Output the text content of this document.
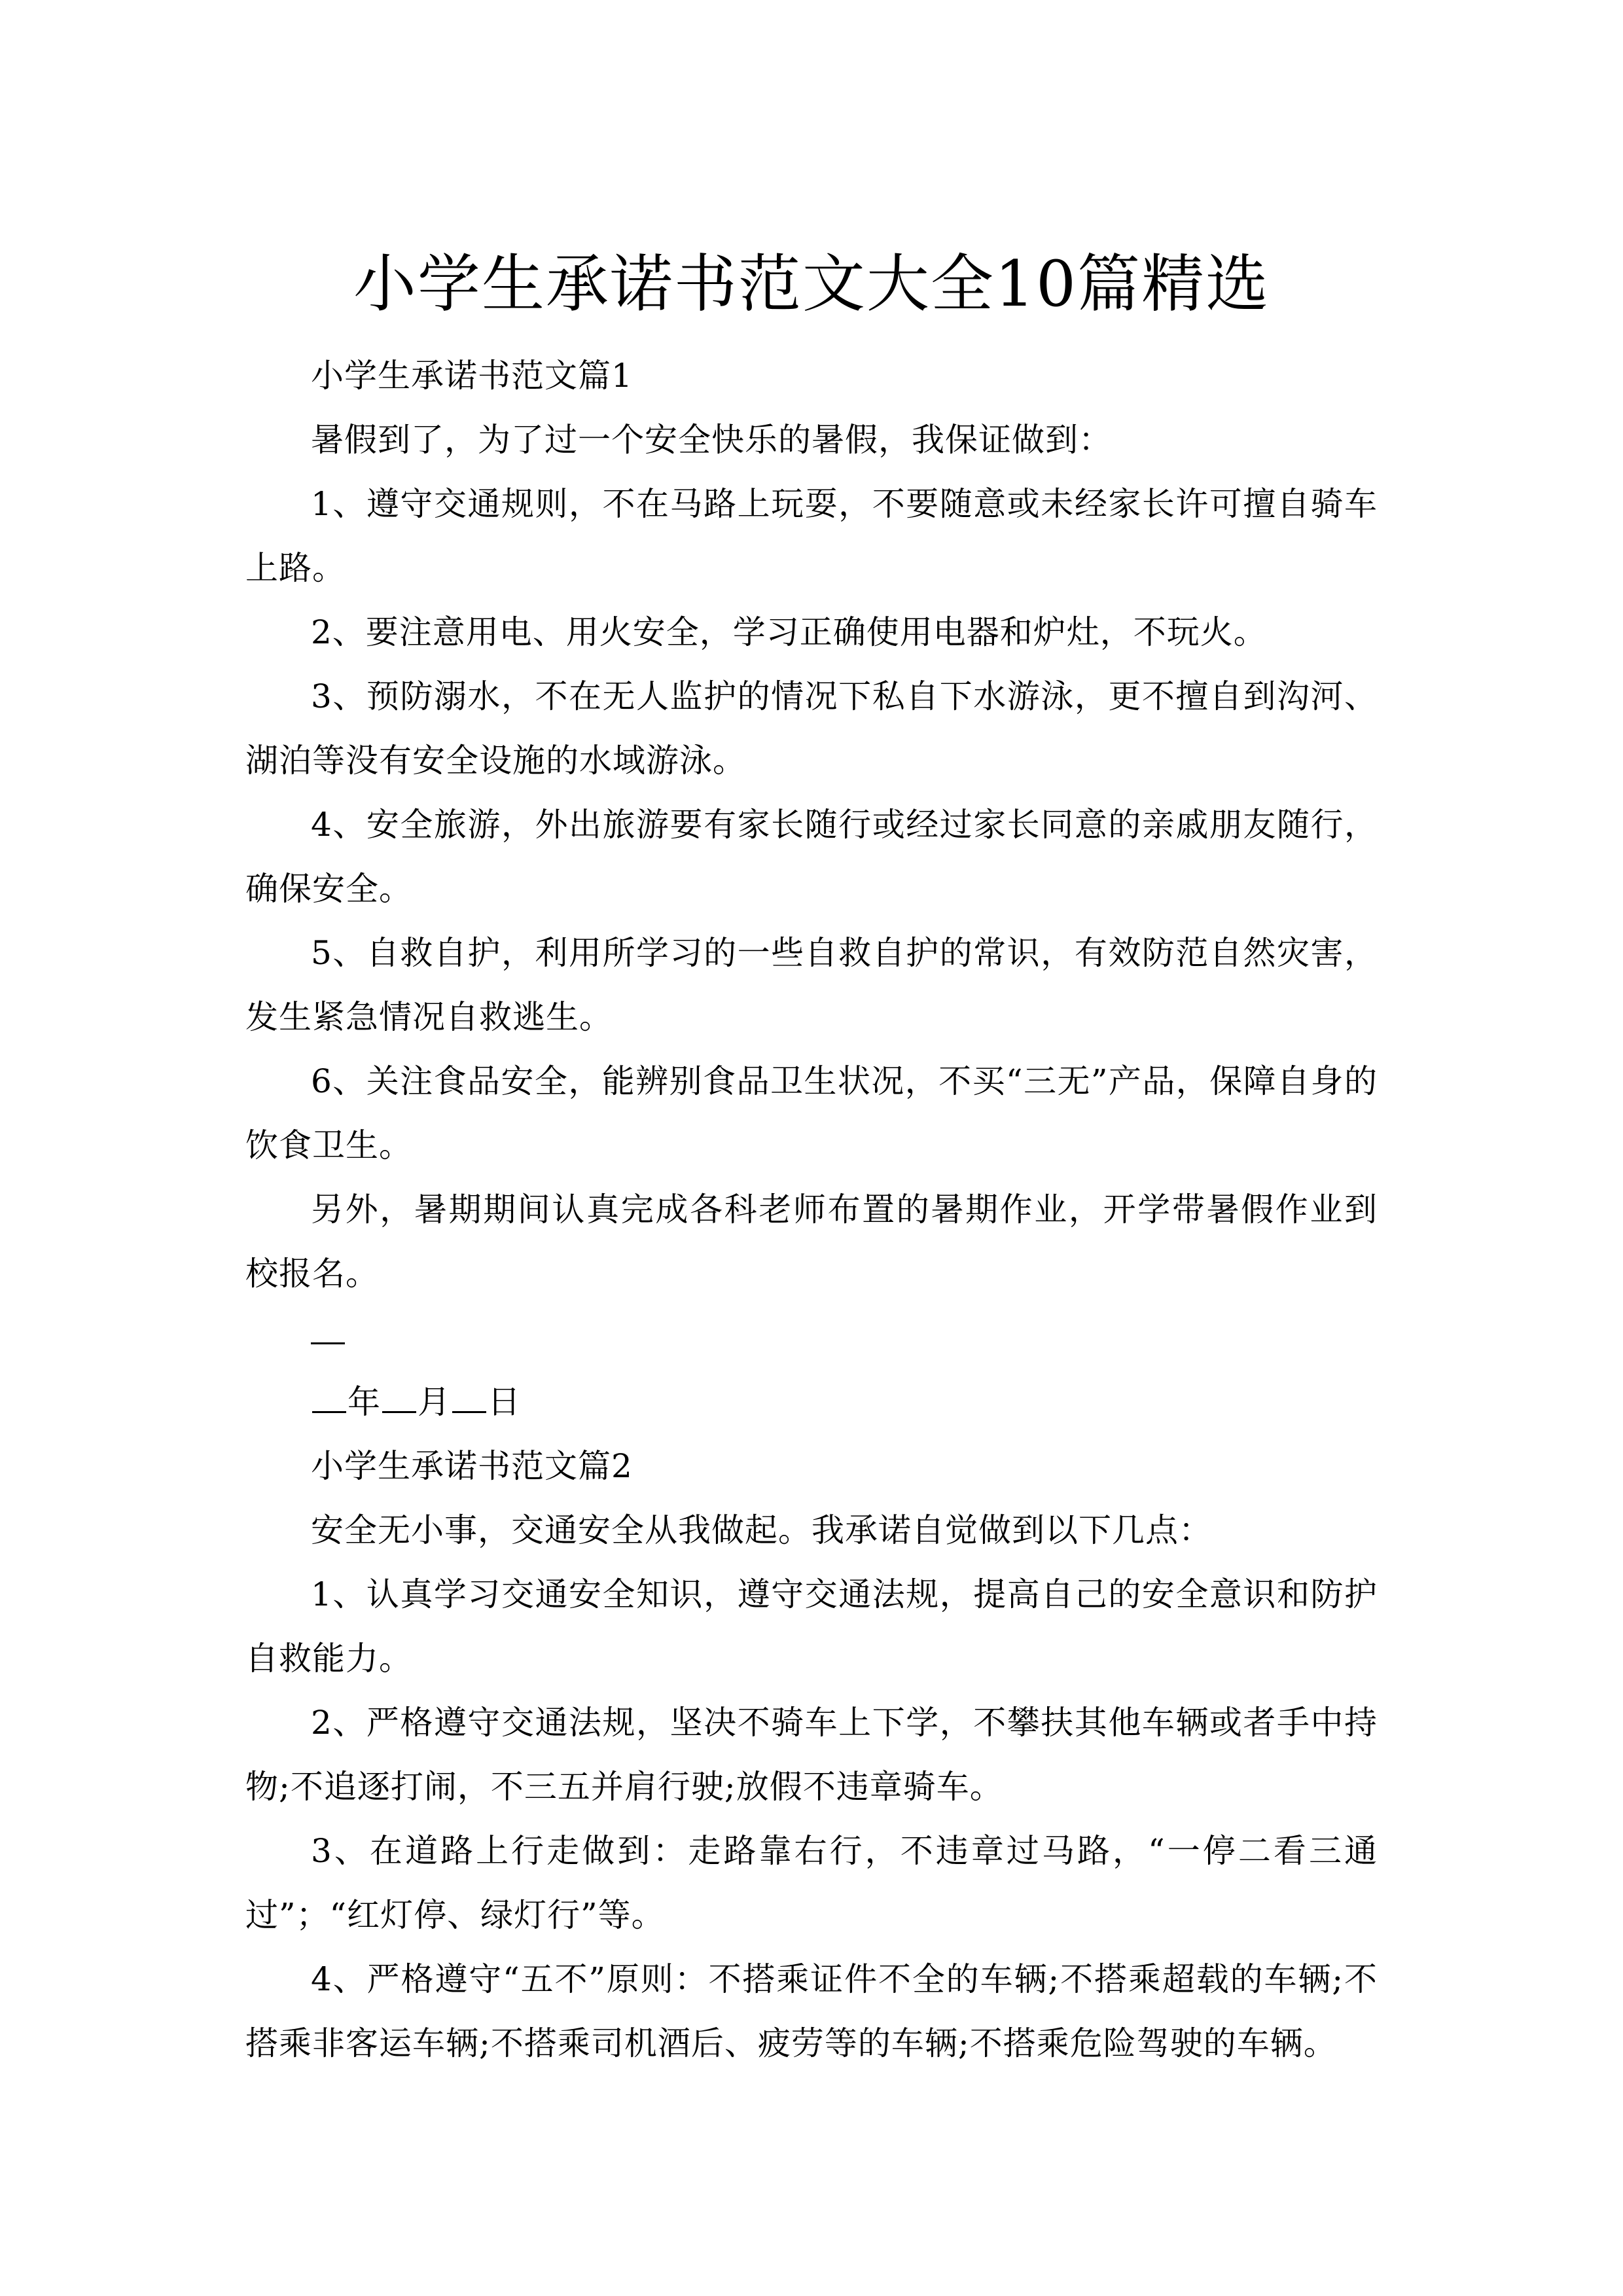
小学生承诺书范文大全10篇精选

小学生承诺书范文篇1

暑假到了，为了过一个安全快乐的暑假，我保证做到：

1、遵守交通规则，不在马路上玩耍，不要随意或未经家长许可擅自骑车上路。

2、要注意用电、用火安全，学习正确使用电器和炉灶，不玩火。

3、预防溺水，不在无人监护的情况下私自下水游泳，更不擅自到沟河、湖泊等没有安全设施的水域游泳。

4、安全旅游，外出旅游要有家长随行或经过家长同意的亲戚朋友随行，确保安全。

5、自救自护，利用所学习的一些自救自护的常识，有效防范自然灾害，发生紧急情况自救逃生。

6、关注食品安全，能辨别食品卫生状况，不买“三无”产品，保障自身的饮食卫生。

另外，暑期期间认真完成各科老师布置的暑期作业，开学带暑假作业到校报名。

年 月 日

小学生承诺书范文篇2

安全无小事，交通安全从我做起。我承诺自觉做到以下几点：

1、认真学习交通安全知识，遵守交通法规，提高自己的安全意识和防护自救能力。

2、严格遵守交通法规，坚决不骑车上下学，不攀扶其他车辆或者手中持物;不追逐打闹，不三五并肩行驶;放假不违章骑车。

3、在道路上行走做到：走路靠右行，不违章过马路，“一停二看三通过”；“红灯停、绿灯行”等。

4、严格遵守“五不”原则：不搭乘证件不全的车辆;不搭乘超载的车辆;不搭乘非客运车辆;不搭乘司机酒后、疲劳等的车辆;不搭乘危险驾驶的车辆。
